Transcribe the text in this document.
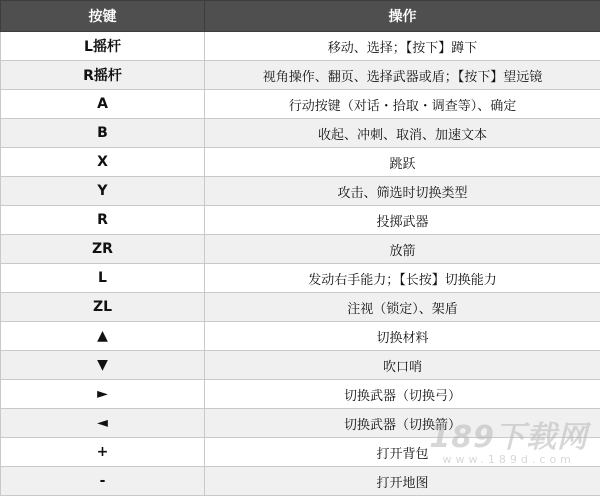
按键	操作
L摇杆	移动、选择；【按下】蹲下
R摇杆	视角操作、翻页、选择武器或盾；【按下】望远镜
A	行动按键（对话・拾取・调查等）、确定
B	收起、冲刺、取消、加速文本
X	跳跃
Y	攻击、筛选时切换类型
R	投掷武器
ZR	放箭
L	发动右手能力；【长按】切换能力
ZL	注视（锁定）、架盾
▲	切换材料
▼	吹口哨
►	切换武器（切换弓）
◄	切换武器（切换箭）
+	打开背包
-	打开地图
189下载网
www.189d.com
